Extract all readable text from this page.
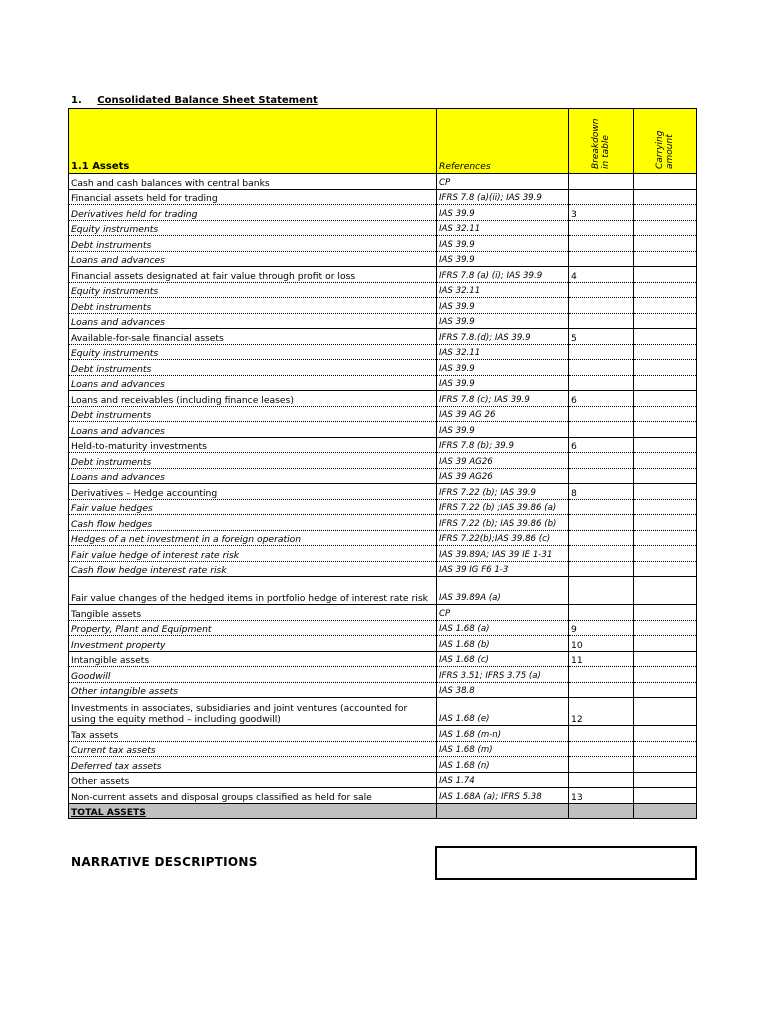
1. Consolidated Balance Sheet Statement
1.1 Assets	References	Breakdown in table	Carrying amount

Cash and cash balances with central banks	CP		
Financial assets held for trading	IFRS 7.8 (a)(ii); IAS 39.9		
Derivatives held for trading	IAS 39.9	3	
Equity instruments	IAS 32.11		
Debt instruments	IAS 39.9		
Loans and advances	IAS 39.9		
Financial assets designated at fair value through profit or loss	IFRS 7.8 (a) (i); IAS 39.9	4	
Equity instruments	IAS 32.11		
Debt instruments	IAS 39.9		
Loans and advances	IAS 39.9		
Available-for-sale financial assets	IFRS 7.8.(d); IAS 39.9	5	
Equity instruments	IAS 32.11		
Debt instruments	IAS 39.9		
Loans and advances	IAS 39.9		
Loans and receivables (including finance leases)	IFRS 7.8 (c); IAS 39.9	6	
Debt instruments	IAS 39 AG 26		
Loans and advances	IAS 39.9		
Held-to-maturity investments	IFRS 7.8 (b); 39.9	6	
Debt instruments	IAS 39 AG26		
Loans and advances	IAS 39 AG26		
Derivatives – Hedge accounting	IFRS 7.22 (b); IAS 39.9	8	
Fair value hedges	IFRS 7.22 (b) ;IAS 39.86 (a)		
Cash flow hedges	IFRS 7.22 (b); IAS 39.86 (b)		
Hedges of a net investment in a foreign operation	IFRS 7.22(b);IAS 39.86 (c)		
Fair value hedge of interest rate risk	IAS 39.89A; IAS 39 IE 1-31		
Cash flow hedge interest rate risk	IAS 39 IG F6 1-3		
Fair value changes of the hedged items in portfolio hedge of interest rate risk	IAS 39.89A (a)		
Tangible assets	CP		
Property, Plant and Equipment	IAS 1.68 (a)	9	
Investment property	IAS 1.68 (b)	10	
Intangible assets	IAS 1.68 (c)	11	
Goodwill	IFRS 3.51; IFRS 3.75 (a)		
Other intangible assets	IAS 38.8		
Investments in associates, subsidiaries and joint ventures (accounted for using the equity method – including goodwill)	IAS 1.68 (e)	12	
Tax assets	IAS 1.68 (m-n)		
Current tax assets	IAS 1.68 (m)		
Deferred tax assets	IAS 1.68 (n)		
Other assets	IAS 1.74		
Non-current assets and disposal groups classified as held for sale	IAS 1.68A (a); IFRS 5.38	13	
TOTAL ASSETS			
NARRATIVE DESCRIPTIONS
